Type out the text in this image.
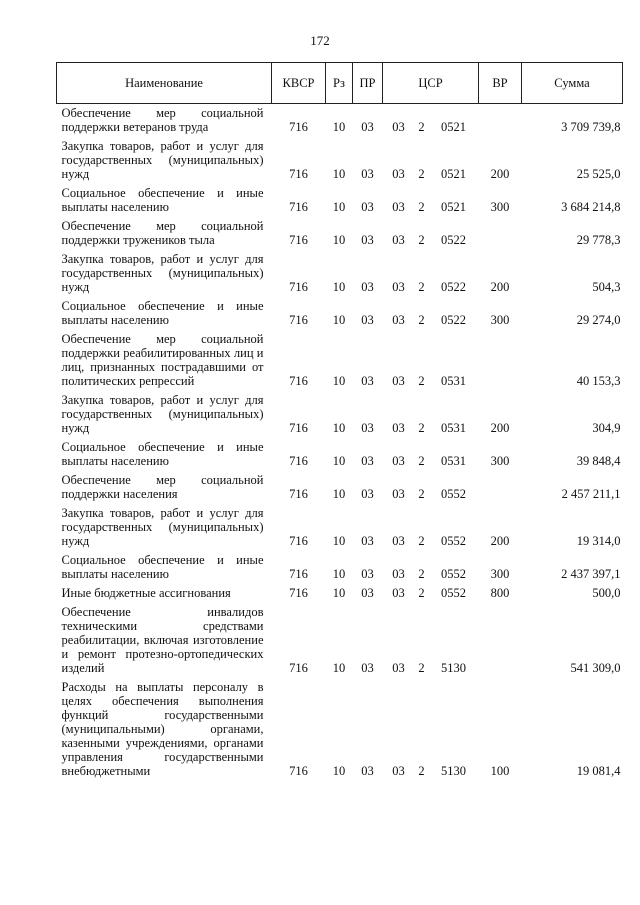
172
Наименование	КВСР	Рз	ПР	ЦСР	ВР	Сумма
Обеспечение мер социальной поддержки ветеранов труда	716	10	03	03 2 0521		3 709 739,8
Закупка товаров, работ и услуг для государственных (муниципальных) нужд	716	10	03	03 2 0521	200	25 525,0
Социальное обеспечение и иные выплаты населению	716	10	03	03 2 0521	300	3 684 214,8
Обеспечение мер социальной поддержки тружеников тыла	716	10	03	03 2 0522		29 778,3
Закупка товаров, работ и услуг для государственных (муниципальных) нужд	716	10	03	03 2 0522	200	504,3
Социальное обеспечение и иные выплаты населению	716	10	03	03 2 0522	300	29 274,0
Обеспечение мер социальной поддержки реабилитированных лиц и лиц, признанных пострадавшими от политических репрессий	716	10	03	03 2 0531		40 153,3
Закупка товаров, работ и услуг для государственных (муниципальных) нужд	716	10	03	03 2 0531	200	304,9
Социальное обеспечение и иные выплаты населению	716	10	03	03 2 0531	300	39 848,4
Обеспечение мер социальной поддержки населения	716	10	03	03 2 0552		2 457 211,1
Закупка товаров, работ и услуг для государственных (муниципальных) нужд	716	10	03	03 2 0552	200	19 314,0
Социальное обеспечение и иные выплаты населению	716	10	03	03 2 0552	300	2 437 397,1
Иные бюджетные ассигнования	716	10	03	03 2 0552	800	500,0
Обеспечение инвалидов техническими средствами реабилитации, включая изготовление и ремонт протезно-ортопедических изделий	716	10	03	03 2 5130		541 309,0
Расходы на выплаты персоналу в целях обеспечения выполнения функций государственными (муниципальными) органами, казенными учреждениями, органами управления государственными внебюджетными	716	10	03	03 2 5130	100	19 081,4
